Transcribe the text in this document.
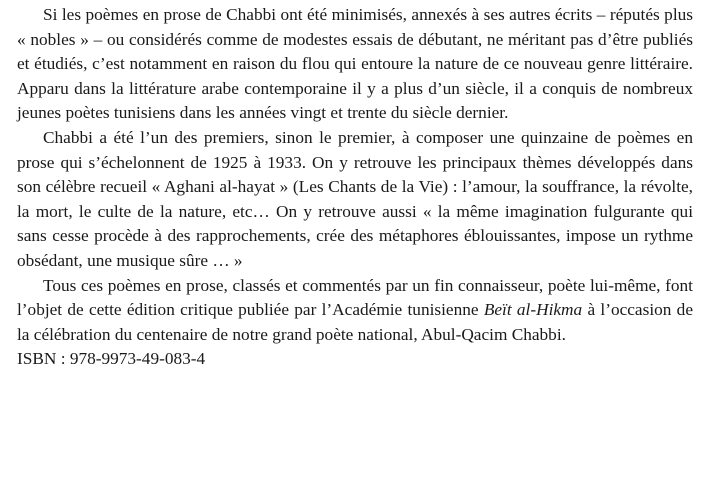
Si les poèmes en prose de Chabbi ont été minimisés, annexés à ses autres écrits – réputés plus « nobles » – ou considérés comme de modestes essais de débutant, ne méritant pas d’être publiés et étudiés, c’est notamment en raison du flou qui entoure la nature de ce nouveau genre littéraire. Apparu dans la littérature arabe contemporaine il y a plus d’un siècle, il a conquis de nombreux jeunes poètes tunisiens dans les années vingt et trente du siècle dernier.

Chabbi a été l’un des premiers, sinon le premier, à composer une quinzaine de poèmes en prose qui s’échelonnent de 1925 à 1933. On y retrouve les principaux thèmes développés dans son célèbre recueil « Aghani al-hayat » (Les Chants de la Vie) : l’amour, la souffrance, la révolte, la mort, le culte de la nature, etc… On y retrouve aussi « la même imagination fulgurante qui sans cesse procède à des rapprochements, crée des métaphores éblouissantes, impose un rythme obsédant, une musique sûre … »

Tous ces poèmes en prose, classés et commentés par un fin connaisseur, poète lui-même, font l’objet de cette édition critique publiée par l’Académie tunisienne Beït al-Hikma à l’occasion de la célébration du centenaire de notre grand poète national, Abul-Qacim Chabbi.

ISBN : 978-9973-49-083-4
